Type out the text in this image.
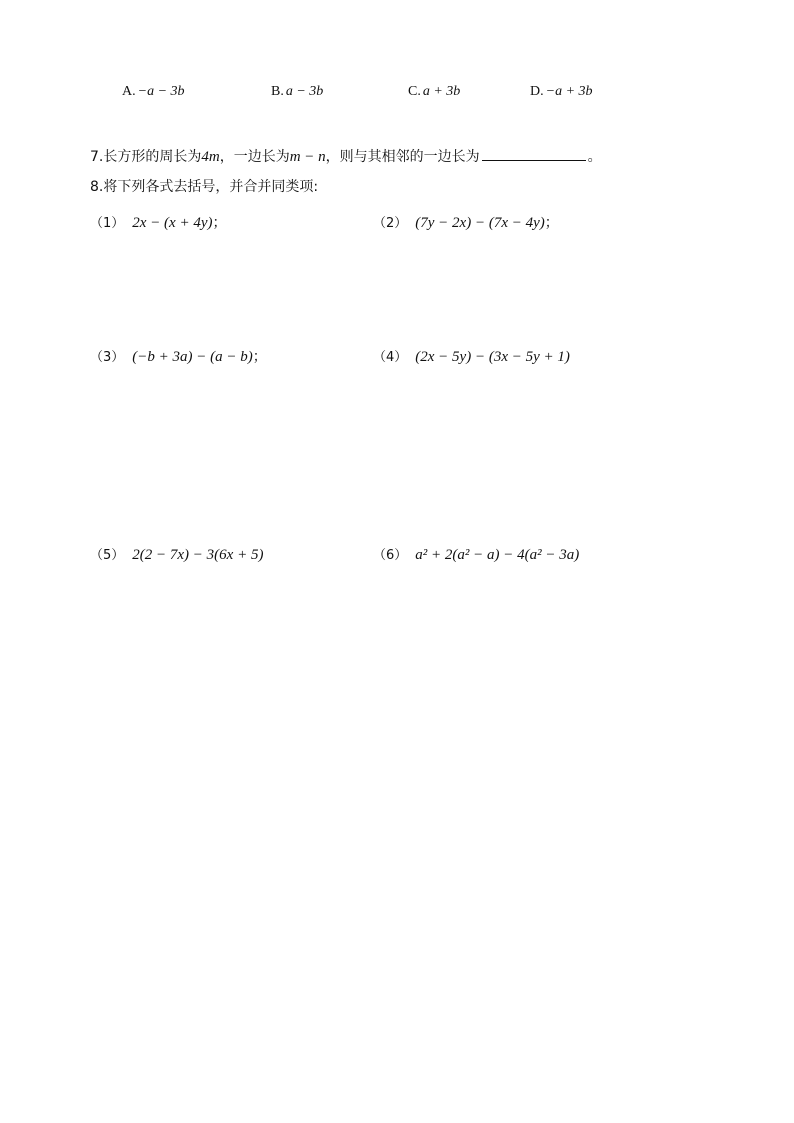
A. −a − 3b	B. a − 3b	C. a + 3b	D. −a + 3b
7.长方形的周长为4m，一边长为m − n，则与其相邻的一边长为	。
8.将下列各式去括号，并合并同类项:
（1） 2x − (x + 4y)；	（2） (7y − 2x) − (7x − 4y)；
（3） (−b + 3a) − (a − b)；	（4） (2x − 5y) − (3x − 5y + 1)
（5） 2(2 − 7x) − 3(6x + 5)	（6） a² + 2(a² − a) − 4(a² − 3a)
